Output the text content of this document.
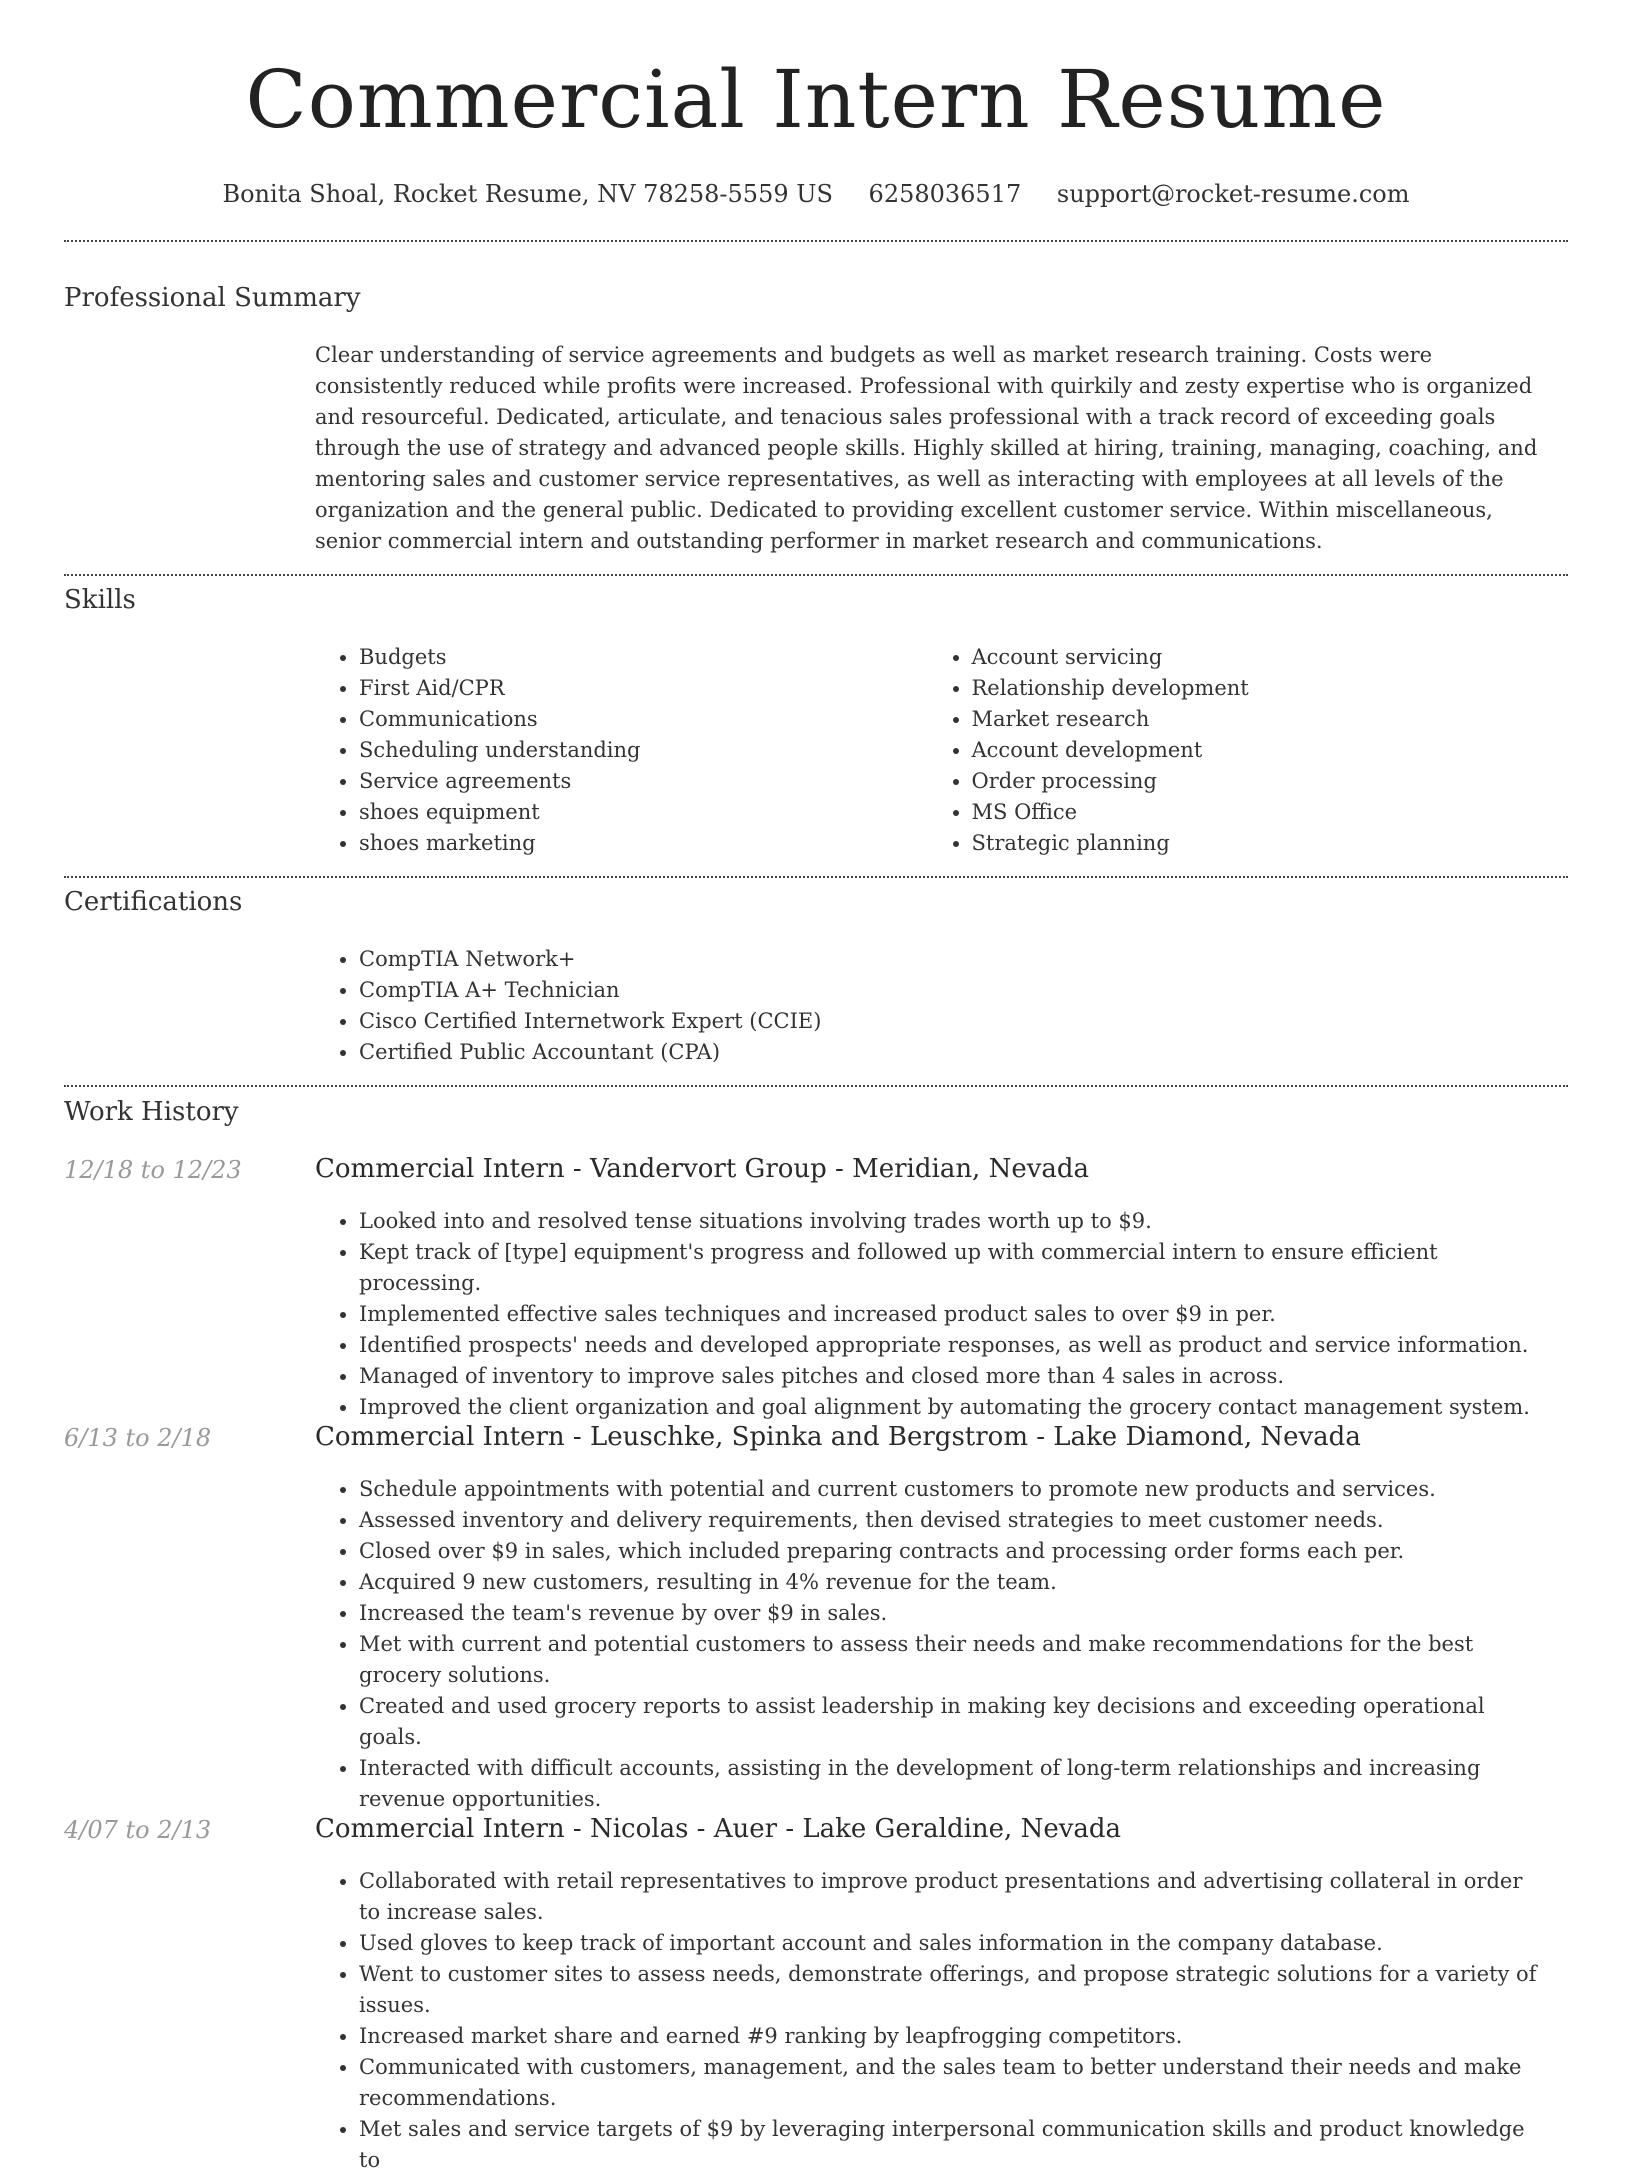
Commercial Intern Resume
Bonita Shoal, Rocket Resume, NV 78258-5559 US 6258036517 support@rocket-resume.com
Professional Summary

Clear understanding of service agreements and budgets as well as market research training. Costs were consistently reduced while profits were increased. Professional with quirkily and zesty expertise who is organized and resourceful. Dedicated, articulate, and tenacious sales professional with a track record of exceeding goals through the use of strategy and advanced people skills. Highly skilled at hiring, training, managing, coaching, and mentoring sales and customer service representatives, as well as interacting with employees at all levels of the organization and the general public. Dedicated to providing excellent customer service. Within miscellaneous, senior commercial intern and outstanding performer in market research and communications.

Skills
• Budgets
• First Aid/CPR
• Communications
• Scheduling understanding
• Service agreements
• shoes equipment
• shoes marketing
• Account servicing
• Relationship development
• Market research
• Account development
• Order processing
• MS Office
• Strategic planning
Certifications
• CompTIA Network+
• CompTIA A+ Technician
• Cisco Certified Internetwork Expert (CCIE)
• Certified Public Accountant (CPA)
Work History
12/18 to 12/23	Commercial Intern - Vandervort Group - Meridian, Nevada
• Looked into and resolved tense situations involving trades worth up to $9.
• Kept track of [type] equipment's progress and followed up with commercial intern to ensure efficient processing.
• Implemented effective sales techniques and increased product sales to over $9 in per.
• Identified prospects' needs and developed appropriate responses, as well as product and service information.
• Managed of inventory to improve sales pitches and closed more than 4 sales in across.
• Improved the client organization and goal alignment by automating the grocery contact management system.
6/13 to 2/18	Commercial Intern - Leuschke, Spinka and Bergstrom - Lake Diamond, Nevada
• Schedule appointments with potential and current customers to promote new products and services.
• Assessed inventory and delivery requirements, then devised strategies to meet customer needs.
• Closed over $9 in sales, which included preparing contracts and processing order forms each per.
• Acquired 9 new customers, resulting in 4% revenue for the team.
• Increased the team's revenue by over $9 in sales.
• Met with current and potential customers to assess their needs and make recommendations for the best grocery solutions.
• Created and used grocery reports to assist leadership in making key decisions and exceeding operational goals.
• Interacted with difficult accounts, assisting in the development of long-term relationships and increasing revenue opportunities.
4/07 to 2/13	Commercial Intern - Nicolas - Auer - Lake Geraldine, Nevada
• Collaborated with retail representatives to improve product presentations and advertising collateral in order to increase sales.
• Used gloves to keep track of important account and sales information in the company database.
• Went to customer sites to assess needs, demonstrate offerings, and propose strategic solutions for a variety of issues.
• Increased market share and earned #9 ranking by leapfrogging competitors.
• Communicated with customers, management, and the sales team to better understand their needs and make recommendations.
• Met sales and service targets of $9 by leveraging interpersonal communication skills and product knowledge to
